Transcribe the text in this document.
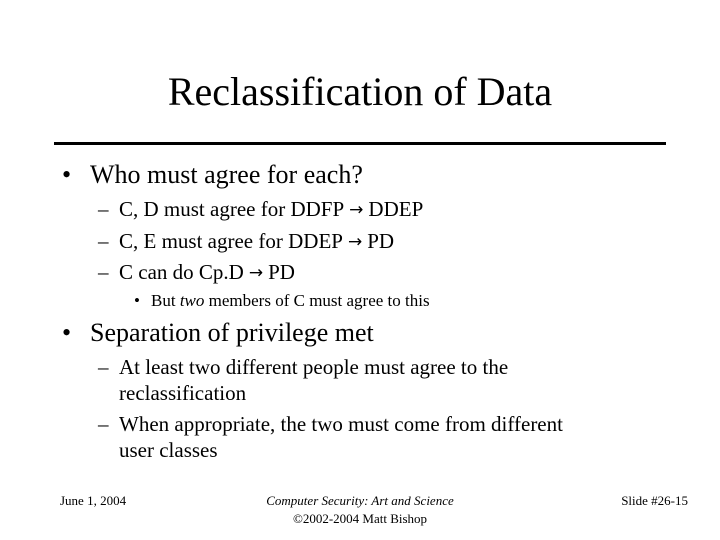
Reclassification of Data
• Who must agree for each?
– C, D must agree for DDFP → DDEP
– C, E must agree for DDEP → PD
– C can do Cp.D → PD
• But two members of C must agree to this
• Separation of privilege met
– At least two different people must agree to the
reclassification
– When appropriate, the two must come from different
user classes
June 1, 2004	Computer Security: Art and Science
©2002-2004 Matt Bishop
Slide #26-15
